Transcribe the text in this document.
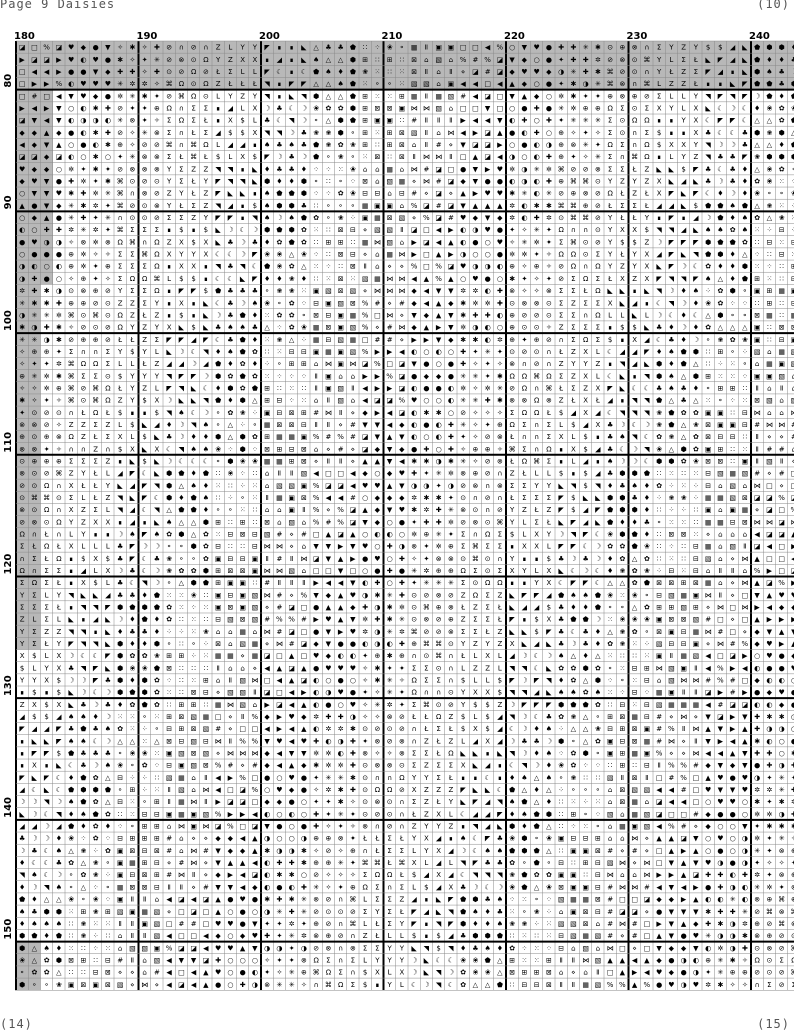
Page 9 Daisies	(10)
◪ □ % ◪ ♥ ◆ ● ▼ ✧ ✱ ✧ ✚ ⊘ ∩ ⊘ ∩ Z L Y Y ◤ ∎ ∎ ◣ △ ♣ ♣ ⬟ ∷ ⁘ ❀ ⚬ ▦ Ⅱ ▣ ▣ □ □ ◀ % ○ ▼ ♥ ● ✚ ✚ ✳ ✱ ⊙ ⊕ ⊗ ∩ Ʃ Y Z Y $ $ ◢ ◣ ⬟ ⬢ ⬢ ♦
▶ ◪ ◪ ▶ ♥ ◐ ♥ ● ✱ ✧ ✦ ✳ ⊘ ⊗ ⊙ Ω Y Z X X ∎ ◢ ∎ ◣ ♠ △ △ ⬢ ⊞ ∷ ⊞ ∷ ⊠ ⌂ ▧ ⌂ % # % ◪ ▼ ◆ ○ ● ✦ ✚ ✚ ✲ ⊘ ⊗ ⊙ ⌘ Y L Ʃ Ł ◣ ◤ ◢ ◣ ⬟ ♦ ♦ ♣
□ ◀ ◀ ▶ ● ● ▼ ◆ ✚ ✚ ✧ ✚ ⊙ ⊘ Ω ⊘ Ł Ʃ L L ◤ ☾ ∎ ☾ ⬟ ♠ ♦ ⬟ ❀ ⁙ ∷ ⁙ ⊠ Ⅱ ⌂ Ⅱ ⋄ ◪ # ◪ ◆ ♥ ♥ ◆ ◑ ✳ ✚ ✱ ⌘ ⊘ ⊙ ∩ Y Ł Z Ʃ ◤ ◢ ∎ ◣ ⬢ ♠ ♣ ☽
□ ▶ ▶ % ◐ ♥ ♥ ♥ ✳ ✲ ✲ ✧ ⌘ Ω ⊙ Ω Z Ł Ł Ł ◥ ∎ ◤ ◤ △ △ ♠ ⬟ ⁙ ⚬ ⚬ ⁙ ▧ ▧ ⌂ ▣ ◀ ◀ □ ◀ ▲ ◆ ○ ● ✦ ✱ ◑ ✳ ⌘ ⊗ ∩ ⌘ L Z Z Ł ∎ ∎ ◣ ◤ ⬟ ⬟ ♣ ⬢
□ # □ ◀ ▼ ♥ ◆ ● ✲ ✳ ✱ ✦ ⊘ ⌘ Ω ⊙ L Y Z Y ◥ ∎ ◣ ◥ ⬢ △ △ ⬟ ⊞ ⁙ ⁙ ⊞ ▦ Ⅱ ▦ ▧ # ◀ ◪ □ ▼ ▲ ◆ ○ ✲ ✱ ✦ ✦ ⊕ ⊗ ⊕ ⊘ Ʃ L L Y ◥ ◤ ◥ ◤ ☽ ⬟ ♦ ⬟
▶ ◀ ▶ ▼ ○ ◐ ✱ ✚ ⊘ ✦ ✦ ⊕ Ω ∩ Σ Ʃ ∎ ◢ L X ☽ ♣ ☾ ☽ ❀ ✿ ✿ ⬢ ⊞ ⊠ ⊠ ▣ ⋈ ⋈ ▧ ⌂ □ □ ▼ □ ○ ● ✚ ● ✳ ✲ ⊕ ⊕ Ω Ʃ ⊙ Ʃ X Y L X ◣ ☾ ☽ ☾ ♦ ❀ ✿ ❀
◪ ▼ ◀ ▼ ◐ ◑ ◑ ◐ ✳ ⊗ ✦ ✧ Ʃ Ω Σ Ł ∎ X $ L ♣ ☾ ◥ ☽ ⚬ △ ⬢ ⬟ ⊞ ▣ ▣ ∷ # Ⅱ Ⅱ Ⅱ ▶ ◀ ◀ ▼ ◐ ✚ ○ ✚ ✦ ✳ ✳ ✳ Σ ⊙ Ω Ω ∎ ∎ Y X ☾ ◤ ◤ ☾ △ △ ✿ ⬟
◆ ◆ ▲ ◆ ● ◐ ✱ ✚ ⊘ ✧ ✳ ⊗ Ʃ ∩ Ł Ʃ ◢ $ $ X ◥ ◥ ☽ ♣ ❀ ❀ ⬢ ⚬ ⊞ ⁙ ⊞ ⊠ ▧ Ⅱ ⌂ ⋈ ◀ ▶ ◪ ▲ ● ◐ ✚ ○ ⊕ ✧ ✦ ✧ Σ ⊙ ∩ Σ $ ∎ ∎ X ♣ ☾ ☾ ♣ ⬢ ❀ ⬢ △
◀ ◆ ▼ ▲ ○ ● ◐ ✱ ⊕ ✧ ⊘ ⊘ ⌘ ∩ ⌘ Ω L ◢ ◢ ∎ ♠ ♣ ♠ ♣ ⬟ ❀ ✿ ❀ ⊞ ∷ ⊞ ⊠ ⌂ Ⅱ # ⋄ ▼ ◪ ◪ ▶ ○ ● ◐ ◑ ⊕ ⊗ ✳ ✦ Ω Σ ∩ Ω $ X X Y ◥ ☽ ☽ ♣ △ △ ♦ ⬟
◪ ◪ ◆ ◪ ◐ ○ ✱ ○ ✦ ✳ ⊗ ⊗ Σ Ł ⌘ Ł $ L X $ ◤ ☽ ♣ ☽ ⬟ ⚬ ❀ ⚬ ⁙ ⊠ ∷ ⊠ Ⅱ ⋈ ⋈ Ⅱ □ ▲ ◪ ◀ ◑ ○ ◐ ✚ ⊕ ✦ ✧ ✳ Σ ∩ ⌘ Ω ∎ L Y Z ◥ ♣ ♣ ◤ ❀ ⬢ ⬢ ⬢
♥ ◆ ◆ ○ ✲ ✦ ✱ ✦ ⊘ ⊗ ⊗ ⊗ Y Σ Z Z ◥ ◥ ∎ ◣ ♦ ♣ ♣ ♦ ⁘ ⁘ ⁙ ❀ ⌂ ⌂ ▦ ⌂ ⋈ # ◪ □ ● ▼ ▶ ♥ ✲ ◑ ✳ ✲ ⌘ ⊘ ⊘ ⊗ Σ Σ Ł Z ◣ ◣ $ ◤ ♣ ☾ ♣ ♦ △ ❀ ✿ ⚬
◆ ♥ ▼ ● ✚ ✲ ✦ ✱ ⌘ ⊙ ⊘ ⊙ Y Σ Ł Y ◤ ◥ ◥ ◣ ⬢ ♦ ♦ ⬢ ⚬ ∷ ⚬ ⁘ ⊠ ⌂ ▧ ▦ ⋄ ⋈ # ◪ ◆ ▼ ● ● ◐ ◑ ◐ ✚ ⊕ ⌘ ⌘ ⊙ Y Z Y Z X ◣ ◢ ◣ ♣ ☽ ♣ ♦ ✿ ❀ ⁙
○ ▼ ▼ ♥ ✱ ✚ ✲ ✳ ⌘ ∩ ⊗ ⊘ Z Y Ł Z ◤ ◣ ◣ ∎ ♠ ⬟ ⬟ ⬢ ⁘ ⁘ ✿ ❀ ⊟ ⊟ ⌂ ⊟ # ⋄ ◪ ⋄ ▲ ▶ ♥ ♥ ✱ ✳ ◐ ✳ ⊘ ⊕ ⊗ ⊘ Ω Ł Z Ł X ◤ ◣ ◤ ☾ ♦ ☽ ♦ ❀ ⚬ ⚬ ❀
▲ ● ▼ ◆ ✳ ✱ ✲ ✦ ⌘ ⊘ ⊙ ⊗ Y Ł Ʃ Z ◥ ◢ ∎ $ ♠ ⬢ ⬢ ♣ ∷ ⚬ ⚬ ⚬ ▦ ▣ ▣ ⌂ % ◪ # ◪ ▼ ▲ ▲ ▲ ✲ ◐ ✱ ✱ ⌘ ⌘ ⊕ ⊘ Ł Σ Σ Ł ◢ ◢ ◣ $ ⬟ ⬟ ♠ ⬟ △ ❀ ⁙
○ ◆ ▲ ● ✳ ✚ ✦ ✳ ∩ ⊙ ⊙ ⊘ Ʃ Ʃ Z Y ◤ ◤ ∎ ◥ ♠ ☽ ♠ ⬟ ✿ ⚬ ❀ ⁘ ▣ ▦ ⊠ ▧ ⋄ % ◪ # ♥ ◆ ▼ ◆ ✲ ◐ ✚ ✲ ⊙ ⌘ ⌘ ⊘ Y Ł Ł Y ∎ ◤ ∎ ◢ ☽ ⬟ ♦ ♠ ✿ △ ❀
◐ ○ ✚ ✚ ✲ ✳ ✲ ✦ ⌘ Ʃ Ʃ Σ ∎ $ ∎ $ ◣ ☽ ☾ ☽ ⬢ ⬟ ⬢ ✿ ⁙ ∷ ⊠ ⊟ ⋄ ▧ ▧ Ⅱ ◪ □ ◀ ▶ ◐ ◑ ♥ ● ✦ ✧ ✳ ✦ Ω ∩ ∩ ⊙ Y X X $ ◥ ◥ ◢ ◣ ♠ ♠ ✿ ♠ ⁙ ⁘ ⊟
● ♥ ◑ ◑ ✧ ⊗ ✲ ⊗ Ω ⌘ ∩ Ω Z X $ X ◣ ♣ ☽ ♣ ♦ ✿ ⬟ ✿ ∷ ⊞ ⊞ ∷ ▦ ⋈ ▧ ⌂ ▶ ◪ ◀ ▲ ◐ ● ○ ♥ ✧ ✳ ✲ ✦ Σ ⌘ ⊙ ⊘ Y $ $ Z ☽ ◤ ◤ ◤ ⬢ ⬟ ⬟ ✿ ∷ ⊟ ⁙ ⊟
○ ● ● ● ⊕ ✲ ✧ ✧ Ʃ Ʃ ⌘ Ω X Y Y X ☾ ☾ ☽ ◤ ❀ ❀ △ ❀ ⁘ ∷ ⊠ ⊟ ⋄ ⌂ ▦ ⋈ ▶ □ ▲ ▶ ◑ ○ ○ ● ✲ ✲ ✦ ✧ Ω Ω ⊙ Σ Y Ł Y X ◢ ◤ ◣ ◥ ⬟ ⬢ ♦ △ ⁘ ∷ ⊟
◑ ◐ ○ ◐ ⊕ ✲ ✦ ⊕ Σ Ʃ Ʃ Ω ∎ X X ∎ ◥ ♣ ◥ ☾ ⬟ ❀ ✿ △ ⁙ ⁘ ∷ ⊠ Ⅱ ⌂ ⋄ ⋄ % □ % ◪ ♥ ◑ ◑ ◐ ⊕ ✧ ⊕ ✧ ⊘ Ω ∩ Ω Y Z Y X ◣ ◤ ☽ ☾ ✿ ♦ ♦ ⬢ ⁙ ⁘ ∷ ⊞
◑ ✚ ● ○ ✧ ⊕ ✦ ✧ Σ Ω Ω ⌘ L $ $ ∎ ☾ ☾ ◣ ◤ ♦ ♦ ❀ ♦ ∷ ⁙ ⊠ ⁙ ▧ ▦ ⋈ ⋈ ◀ ▲ % ▲ ○ ♥ ● ○ ✱ ✦ ✧ ✦ ⊘ Σ Ω Σ Ł X Z X ◤ ◥ ◥ ◤ ♠ △ ♦ ⬟ ⊞ ⁙ ∷ ⊟
✲ ✚ ✱ ◑ ⊙ ⊗ ⊕ ⊘ Y Ʃ Σ Ω ∎ ◤ ◤ $ ⬟ ♣ ♣ ♣ ⚬ ❀ ❀ ⁙ ▣ ▧ ⊠ ▧ ⋄ ⋈ ⋈ ⋈ ◆ ◀ ▼ ▼ ✲ ✲ ◐ ✚ ⊗ ✧ ✧ ⊗ Ʃ Ʃ Ł Ω ◣ ◣ ∎ ◣ ◥ ☽ ♦ ♠ ⁘ ✿ ⬢ ⚬ ▣ ⊞ ▦ ▣
✳ ✱ ✱ ✚ ⊕ ⊕ ⊘ ⊙ Z Z Σ Y ∎ X ∎ ◣ ☾ ♣ ☽ ♠ ❀ ⚬ ✿ ⁘ ⊟ ▣ ▧ ⊠ % # ⋄ # ◆ ◀ ▲ ◆ ✱ ✲ ✲ ✚ ⊙ ⊗ ⊗ ⊙ Σ Z Σ Ʃ X ◣ ◢ ∎ ☾ ◥ ☽ ♦ ❀ ✿ ⁘ ⁘ ∷ ⊞ ∷ ⊟
◑ ✳ ✳ ✲ ⌘ ⊙ ⌘ ⊙ Ω Z Ł Z ∎ $ ∎ ◣ ☽ ♣ ⬟ ♦ ⁙ ✿ ✿ ⚬ ⊠ ⊟ ▣ ▦ % □ ⋈ ⋄ ▼ ◆ ▲ ▼ ✱ ✚ ✚ ◐ ⊕ ⊘ ⊘ ⊙ Ʃ Ʃ ∩ Ω L L ◣ L ☽ ☾ ♦ ☾ △ ⬢ ⚬ ⚬ ⊠ ▦ ∷ ▦
✱ ◑ ✚ ✱ ✧ ⊘ ⊙ ⊘ Ω Y Z Y X ◣ $ ◣ ♣ ♠ ♠ ♣ △ ⁘ ✿ ❀ ▦ ⊠ ▣ ▧ % ⋄ # ⋈ ◆ ▲ ▶ ▼ ✲ ◑ ◐ ○ ⊕ ⊙ ⊙ ✧ Z Σ Σ Σ ∎ $ $ ◣ ♣ ♦ ☽ ♦ ✿ △ △ △ ▣ ∷ ⊠ ⊠
✳ ✳ ◑ ✱ ⊘ ⊕ ⊕ ⊘ Ł Ł Z Σ ◤ ◤ ◢ ◤ ☾ ♣ ⬟ ♦ ⁙ ❀ △ ⁘ ▦ ⊟ ▧ ▦ □ # # ⋄ ▶ ▶ ▼ ◆ ✱ ✱ ◐ ✲ ⊕ ✦ ⊕ ⊘ ∩ Σ Ω Ʃ $ ∎ X ◢ ☾ ♣ ♦ ☽ ⚬ ❀ ✿ ❀ ▣ ∷ ⊟ ▣
✧ ⊕ ⊕ ✦ Σ ∩ ∩ Σ Y $ Y L ◣ ☽ ☾ ◥ ♦ ♠ ⬟ ✿ ∷ ⁙ ⊟ ⊟ ▣ ▦ ▣ ▧ % ▶ ▶ ◀ ◐ ○ ◐ ○ ✚ ✦ ✳ ✦ ⊙ ⊘ ⊙ ∩ Ł Z X L ☾ ◢ ◢ ◤ ♦ ♠ ⬟ ⬢ ∷ ⊞ ⚬ ⁘ ▧ ⌂ ▦ ▧
✧ ✦ ✦ ✲ ⌘ Ω Ω Σ L L Ł Z ◢ ◢ ☽ ◢ ⬟ ♦ ✿ ♦ ⁘ ⚬ ⊞ ⊞ ⌂ ⋈ ▣ ⋈ ◪ % □ ◪ ▼ ● ○ ● ✚ ✧ ✦ ✧ ⊗ ∩ ⊘ ∩ Z Y Y Z ∎ ◥ ◢ ◣ ⬢ ♦ ⬟ △ ∷ ⁘ ⁙ ⚬ ⌂ ▦ ▣ ▧
⊕ ✳ ✲ ✱ ⌘ Σ Σ ⊙ $ Y Y Y ◥ ◤ ◤ ☽ ⬢ ✿ ⬟ ✿ ⁙ ⁘ ⁘ ⁘ Ⅱ ▣ ⌂ ⌂ ▶ ▶ % ◪ ● ◆ ◆ ● ✳ ✳ ✦ ✱ Ω Ω ⌘ Ω Ʃ Z X L ☾ ◣ ∎ ◥ ⬢ ♠ △ ⬢ ⊞ ⁙ ⁙ ⁘ ▣ ▣ ▧ ⌂
✧ ✧ ✲ ⊕ ⌘ ⊘ ⌘ Ω Ł Y Z L ◤ ◥ ◣ ☾ ♦ ⬢ ✿ ⬟ ⊞ ∷ ⁙ ∷ Ⅱ ▣ ▧ Ⅱ ◀ ▶ ▶ ◪ ◐ ● ● ◐ ✲ ✧ ✲ ✳ ⊘ Ω ∩ ⌘ Ł Ʃ Z X ◤ ◣ ☾ ☾ ♣ ♠ ♣ ♦ ⚬ ⊞ ⊞ ∷ Ⅱ ⌂ Ⅱ ⌂
✱ ✧ ✦ ✧ ⌘ ⊙ ⌘ Ω Z Y $ X ☽ ◣ ◣ ◥ ⬟ ♦ ⬢ △ ⊞ ⊟ ⁘ ⁙ ⌂ Ⅱ ▧ ⌂ ◀ ◪ ◪ % ♥ ○ ○ ◐ ✳ ✳ ✚ ✱ ⊗ ⊗ Ω ⊗ Z Ł X Ł ◢ ∎ ◥ ◥ ⬟ △ ♣ △ ⁙ ⚬ ⁘ ⁙ ⊠ ▧ ⌂ ▧
✦ ⊙ ⊘ ⊙ ∩ Ł Ω Ł $ ∎ ∎ $ ◥ ♠ ☾ ☽ ⚬ ✿ ❀ ⁘ ▣ ⊟ ⊠ ⊞ # ⋈ Ⅱ ⋄ ◆ ▶ ◀ ◪ ◐ ✱ ✱ ○ ⊘ ✧ ✧ ✧ Σ Ω Ω Ł $ ◢ X ◢ ☾ ◥ ◥ ◥ ❀ ⬟ ✿ ✿ ▣ ▣ ∷ ⊟ ⋈ ⌂ ⌂ ⋈
⊗ ⊗ ⊘ ✧ Z Z Ʃ Z L $ ◣ ◢ ♦ ☽ ◥ ♠ ⚬ △ ⁘ ⚬ ▦ ⊠ ⊠ ⊟ Ⅱ Ⅱ ⋄ # ▼ ▼ ◀ ◆ ◐ ● ◐ ✚ ✳ ✧ ✦ ⊕ Ω Σ ∩ Ʃ L $ ◢ X ♣ ☽ ☾ ☽ ❀ ⬟ △ ❀ ⊠ ▣ ▣ ⊟ # ⋈ ⋈
⊕ ⊙ ⊕ ⊗ Ω Z Ł Ʃ X L $ ◣ ♣ ☽ ♦ ♦ ⬢ △ ⬢ ✿ ⊞ ▦ ▦ ▣ % # % # ◪ ▼ ▲ ▼ ◐ ○ ◐ ✚ ✦ ✧ ⊘ ⊗ Ł ∩ ∩ Σ X L $ ∎ ♣ ♠ ◥ ☾ ✿ ❀ △ ✿ ⊠ ⊟ ⊟ ∷ Ⅱ ⋄ ⋄
⊗ ⊗ ✦ ✧ ∩ ∩ Z ∩ $ X ◣ X ☾ ◥ ♠ ♠ ❀ ⁘ ⬢ ⁘ ⊠ ⊞ ⊟ ⊠ ⌂ ⋄ # ⋄ ◪ ◆ ▼ ◆ ● ✚ ○ ✚ ✧ ⊕ ⊕ ✧ ⌘ Ʃ ∩ Ω ∎ X $ ◢ ♣ ☾ ☽ ◥ ❀ △ ⬢ ✿ ▣ ⊞ ∷ ⁙ Ⅱ # # ⌂
⊙ ⊕ ⊕ ⊕ Ʃ Σ Σ Z ∎ ◣ $ ◣ ☽ ☾ ☾ ☾ ⚬ ⬢ ❀ ❀ ▦ ▦ ⊞ ⊠ ⋄ Ⅱ Ⅱ ⋄ ▲ ▲ ▼ ◀ ✱ ✱ ◑ ✱ ✳ ✧ ⊘ ⊗ Ł Ω ⌘ Ʃ ∎ L ◢ ∎ ♠ ☽ ☽ ☾ ⬢ ⬢ ✿ ❀ ⊠ ⊠ ∷ ▣ Ⅱ ▧ Ⅱ ⋄
⊗ ⊙ ⊘ ⌘ Z Y Ł L ◢ ◤ ☾ ◣ ⬢ ⬟ ♦ ⬟ ∷ ❀ ⁘ ∷ ⌂ Ⅱ Ⅱ ▧ ◀ □ □ ◀ ◆ ○ ◆ ♥ ✚ ✦ ✳ ✲ ⊗ ⊕ ⊘ ∩ Z Ł L L $ ∎ $ ◢ ♣ ⬢ ⬢ ⬟ ∷ ⁙ ∷ ⁙ ⊟ ▧ ▦ ▧ # ⋄ # □
⊘ ⊙ Ω ∩ X Ł Ł Y ◣ ◢ ◤ ◥ ⬢ △ ♠ ♦ ⁙ ∷ ⁘ ⁙ ⌂ ▧ ▧ ▣ % ◪ ◪ ◀ ♥ ♥ ▲ ▼ ◑ ◑ ✦ ◑ ⊘ ⊗ ∩ ⊗ Ʃ Σ Y Y ◣ ◥ $ ◥ ♦ ♣ ♠ ♦ ✿ ⁘ ⁙ ⁘ ⊟ ⌂ ▧ ⌂ ⋈ □ ⋄ □
⊙ ⌘ ⌘ ⊙ Ʃ L Ł Z ◥ ◣ ◤ ☾ ⬢ ♦ ⬟ ♠ ∷ ⁘ ⚬ ⁙ Ⅱ ▦ ▣ ⊠ % ◀ ◀ # ○ ◆ ◆ ◆ ✲ ✱ ✱ ✦ ⊙ ∩ ⊘ ∩ Ł Ʃ Ʃ Ʃ ◤ $ ◣ ◣ ⬢ ⬢ ♣ ♦ ⁘ ❀ ❀ ⁘ ▦ ▦ ▧ ⊠ ◪ ◪ % ◪
⊗ ⊙ Ω ∩ X Z Ʃ L ◥ ◢ ☾ ◥ △ ⬟ ⬟ ♦ ⚬ ⚬ ⁙ ∷ ⌂ ⌂ ▣ Ⅱ % ⋄ % ◪ ▲ ◆ ▼ ♥ ✱ ✲ ✚ ✳ ⊗ ⊙ ∩ ⊘ Y Z Ł Z ◤ $ ◢ ◤ ⬟ ⬢ ⬢ ♦ ∷ ⁘ ⁘ ∷ ▣ ⌂ ▣ ▦ ⋄ ◪ □
⊘ ⊗ ⊙ Ω Y Z X X ∎ ◢ ∎ ◣ ♠ △ △ ⬢ ⊞ ∷ ⊞ ∷ ⊠ ⌂ ▧ ⌂ % # % ◪ ▼ ◆ ○ ● ✦ ✚ ✚ ✲ ⊘ ⊗ ⊙ ⌘ Y L Ʃ Ł ◣ ◤ ◢ ◣ ⬟ ♦ ♦ ♣ ⚬ ⁙ ⁙ ∷ ▦ ▦ ⊟ ⊠ ⋈ ⋈ ◪ ⋈
Ω ∩ Ł ∩ L Y ∎ ∎ ☽ ♠ ◤ ♠ ✿ ⬢ △ ✿ ⁙ ⊟ ⊠ ⊟ ▧ # ⋄ # □ ▲ ◪ ▲ ○ ◐ ◐ ○ ✲ ⊕ ✳ ✦ Σ ∩ Ω Ʃ $ L X Y ☽ ◥ ◤ ☾ ❀ ⬢ ⬟ ♦ ∷ ⊠ ⊠ ⁙ ⋄ ⌂ ⌂ ⌂ ◀ ◪ ◪ ▲
Σ Ł Ω Ł X L L L ♣ ◤ ☽ ☽ ⚬ ⚬ ⬢ ✿ ⊟ ∷ ∷ ⊟ ⋈ ⋈ ⋄ ⌂ ▼ ▼ ▶ ▼ ♥ ○ ✚ ◑ ⊗ ✦ ✲ ⊕ Σ ⌘ Ʃ Σ ∎ X X L ◤ ◤ ☾ ☽ ✿ ✿ ⬟ ❀ ∷ ⁘ ∷ ⊟ ▦ ⌂ ▧ Ⅱ ◪ ◀ □ ▶
∩ Σ Ł Ω ∎ $ X $ ♣ ◤ ☾ ♣ ❀ ⚬ ⚬ ✿ ▣ ⊟ ⊟ ▣ Ⅱ # Ⅱ ⋈ ◪ ▼ ▲ ▶ ● ♥ ○ ✚ ✧ ✦ ⊗ ⊗ ⊙ ⌘ ⊙ ∩ Y ∎ ∎ $ ♣ ☽ ♣ ☽ ♦ ✿ △ ✿ ∷ ⁙ ∷ ⊟ ▧ ⌂ ⋄ ⋈ ▲ □ □ ◀
Ω ∩ Σ Ʃ ∎ ◢ L X ☽ ♣ ☾ ☽ ❀ ✿ ✿ ⬢ ⊞ ⊠ ⊠ ▣ ⋈ ⋈ ▧ ⌂ □ □ ▼ □ ○ ● ✚ ● ✳ ✲ ⊕ ⊕ Ω Ʃ ⊙ Ʃ X Y L X ◣ ☾ ☽ ☾ ♦ ❀ ✿ ❀ ⁘ ⊟ ⁙ ⊟ ⌂ Ⅱ Ⅱ ⌂ % ▶ □ ◪
Ʃ Ω Σ Ł ∎ X $ L ♣ ☾ ◥ ☽ ⚬ △ ⬢ ⬟ ⊞ ▣ ▣ ∷ # Ⅱ Ⅱ Ⅱ ▶ ◀ ◀ ▼ ◐ ✚ ○ ✚ ✦ ✳ ✳ ✳ Σ ⊙ Ω Ω ∎ ∎ Y X ☾ ◤ ◤ ☾ △ △ ✿ ⬟ ⊠ ⊠ ⊞ ⊠ ▦ ⌂ ⋄ ⋈ ▲ ◪ % ▶
Y Ʃ L Y ◥ ◣ ◣ ◢ ♣ ♣ ♦ ⬟ ⁙ ⁙ ❀ ∷ ▣ ⊟ ▣ ▧ ⋈ # ⋄ % ▼ ◆ ▲ ♥ ◑ ✱ ✳ ✚ ⊙ ⊘ ⊗ ⊘ Z Ω Ʃ Z ◣ ◤ ◤ ◢ ⬟ ♠ ♠ ⬟ ❀ ⁙ ❀ ⚬ ⊟ ▧ ▦ ▣ ⋈ Ⅱ ⋄ □ ▼ ▲ ♥ ♥
Σ Ʃ Σ Ł ∎ ◥ ◥ ◤ ⬢ ⬟ ⬢ ⬟ ✿ ⁙ ⁘ ⁙ ▣ ⊠ ▣ ▧ ⋄ # ◪ □ ● ▲ ▲ ◆ ✚ ◑ ✱ ✲ ⊙ ⌘ ⊕ ⊗ Ł Z Ʃ Ł ◣ ◢ ◢ $ ♣ ♦ ♦ ⬟ ⚬ ⚬ △ ✿ ⊞ ⊞ ▧ ⊞ ⋄ ⋈ □ ⋈ ▶ ◀ ◆ ◆
Z L Σ L ◣ ∎ ◢ ◣ ☽ ♦ ⬟ ♦ ✿ ∷ ⁙ ∷ ⊟ ▧ ⊠ ▧ # % % # ▶ ♥ ▲ ▼ ✲ ✚ ✱ ✳ ⊙ ⊗ ⊘ ⊕ Z Ʃ Σ Ł ◤ ∎ $ X ♣ ⬟ ⬟ ☽ ⁙ ❀ ❀ ❀ ▣ ⊠ ⊠ ▧ # □ ⋄ □ ▲ ▶ ▶ ▶
Y Σ Z Z ◥ ◥ ∎ ◣ ♦ ♣ ♣ ♦ ⁘ ⁘ ⁙ ❀ ⌂ ⌂ ▦ ⌂ ⋈ # ◪ □ ● ▼ ▶ ♥ ✲ ◑ ✳ ✲ ⌘ ⊘ ⊘ ⊗ Σ Σ Ł Z ◣ ◣ $ ◤ ♣ ☾ ♣ ♦ △ ❀ ✿ ⚬ ⊠ ▣ ⊟ ▦ ⋈ # □ ⋄ ◆ ▼ ▲ ▼
Y Σ Ł Y ◤ ◥ ◥ ◣ ⬢ ♦ ♦ ⬢ ⚬ ∷ ⚬ ⁘ ⊠ ⌂ ▧ ▦ ⋄ ⋈ # ◪ ◆ ▼ ● ● ◐ ◑ ◐ ✚ ⊕ ⌘ ⌘ ⊙ Y Z Y Z X ◣ ◢ ◣ ♣ ☽ ♣ ♦ ✿ ❀ ⁙ ⁘ ▧ ⊟ ⊟ ▣ ⋄ ⋈ # % ◆ ♥ ▶ ▲
X $ L X ☽ ☾ ☾ ◤ ⬢ ✿ ✿ ❀ ⊞ ⊞ ⁘ ⁙ ▦ ▦ ⋄ ▦ ◪ □ ▲ □ ♥ ◆ ◐ ◐ ✦ ⊕ ✱ ⊕ ∩ ⊙ ⌘ ∩ Ł L X L ◢ ☽ ☾ ☽ ♠ △ ♦ △ ⁙ ∷ ∷ ⁙ ▣ Ⅱ ▦ ▧ ◀ □ ◪ ▶ ○ ♥ ● ◆
$ L Y X ♣ ◥ ◤ ◣ ⬢ ❀ ❀ ⬟ ⊠ ∷ ∷ ∷ Ⅱ ⌂ ⌂ ⋄ ◀ ▲ ◪ ▲ ● ♥ ♥ ♥ ✧ ✱ ✦ ✦ Σ Σ ⊙ ∩ L Z Z L ◥ ◥ ☾ ◣ ✿ ✿ ⬢ ✿ ⚬ ⁙ ⊟ ⊞ ⋈ ▧ ▣ Ⅱ ◀ % ▶ ◀ ◐ ● ● ♥
Y Y X $ ☽ ☽ ◤ ♣ ⬢ ♦ ⬢ ✿ ⁘ ∷ ⁙ ⊞ ⌂ Ⅱ ▧ ⋈ □ ◀ ▲ ◪ ◐ ○ ● ○ ✧ ✱ ✳ ✧ Ω Σ Σ ∩ $ L L $ ◤ ☽ ◤ ◥ ♦ ✿ △ ⬢ ⁘ ⚬ ⁙ ⊟ ⌂ ▧ ⋈ ⋈ # % # □ ◆ ◐ ◐ ○
∎ $ ∎ $ ◣ ☽ ☾ ☽ ⬢ ⬟ ⬢ ✿ ⁙ ∷ ⊠ ⊟ ⋄ ▧ ▧ Ⅱ ◪ □ ◀ ▶ ◐ ◑ ♥ ● ✦ ✧ ✳ ✦ Ω ∩ ∩ ⊙ Y X X $ ◥ ◥ ◢ ◣ ♠ ♠ ✿ ♠ ⁙ ⁘ ⊟ ⁘ ▦ ▣ Ⅱ Ⅱ ◪ ▶ # ▶ ● ◆ ♥ ●
Z X $ X ◣ ♣ ☽ ♣ ♦ ✿ ⬟ ✿ ∷ ⊞ ⊞ ∷ ▦ ⋈ ▧ ⌂ ▶ ◪ ◀ ▲ ◐ ● ○ ♥ ✧ ✳ ✲ ✦ Σ ⌘ ⊙ ⊘ Y $ $ Z ☽ ◤ ◤ ◤ ⬢ ⬟ ⬟ ✿ ∷ ⊟ ⁙ ⊟ ▧ ▦ ▦ ▦ ◀ # ◪ ◪ ◐ ◐ ◆ ●
◢ $ $ ◢ ♠ ♠ ♦ ☽ ⁙ ⁙ ⚬ ⁙ ⊞ ⊠ ▧ ▦ □ ⋄ Ⅱ % ◆ ▶ ♥ ◆ ✲ ✚ ✚ ◑ ✧ ✧ ⊗ ⊘ Ł Ł Ω Z $ L $ ◢ ◥ ☽ ☾ ♣ ✿ ❀ △ ⚬ ⊞ ⊠ ▦ ⊟ # ⋄ ⋈ ⋄ ▼ ◪ ▶ ▼ ✚ ✱ ✱ ◑
◤ ◢ ◢ ◤ ♣ ⬟ ♣ ♠ ✿ ⁙ ⁘ ⚬ ⊟ ⊞ ⊠ ▧ # ⋄ □ □ ◀ ▶ ◀ ▲ ◐ ✲ ✲ ✱ ⊙ ⊘ ⊙ ⊘ ∩ Ł Ʃ Ł $ X $ ◢ ☾ ☽ ♦ ♠ ⁘ △ △ ❀ ⊟ ⊞ ⊠ ▣ # % Ⅱ ⋈ ▲ ▼ ▶ ▲ ✚ ◑ ◑ ○
∎ ◣ ◣ ◤ ♠ ♠ ☾ ☽ △ △ ⁙ △ ⊠ ⊟ ▧ ⊟ ⋈ Ⅱ % % ▼ ♥ ◀ ♥ ✚ ◐ ◑ ✚ ✦ ⊗ ⊘ ⊗ ∩ Z Ł Z L ◢ X ◢ ☽ ♣ ♣ ☽ ⬢ ⚬ △ ✿ ▣ ⊟ ⊠ ▦ # ⋈ ⋄ Ⅱ ▼ ▶ ◀ ▲ ✱ ◐ ○ ●
∎ ◤ ◤ $ ⬟ ♣ ♣ ♣ ⚬ ❀ ❀ ⁙ ▣ ▧ ⊠ ▧ ⋄ ⋈ ⋈ ⋈ ◆ ◀ ▼ ▼ ✲ ✲ ◐ ✚ ⊗ ✧ ✧ ⊗ Ʃ Ʃ Ł Ω ◣ ◣ ∎ ◣ ◥ ☽ ♦ ♠ ⁘ ✿ ⬢ ⚬ ▣ ⊞ ▦ ▣ % ⋄ ⋄ ⋈ ◀ ◀ ▲ ▼ ✚ ✚ ○ ✱
∎ X ∎ ◣ ☾ ♣ ☽ ♠ ❀ ⚬ ✿ ⁘ ⊟ ▣ ▧ ⊠ % # ⋄ # ◆ ◀ ▲ ◆ ✱ ✲ ✲ ✚ ⊙ ⊗ ⊗ ⊙ Σ Z Σ Ʃ X ◣ ◢ ∎ ☾ ◥ ☽ ♦ ❀ ✿ ⁘ ⁘ ∷ ⊞ ∷ ⊟ Ⅱ % % # ◆ ▼ ◆ ▼ ● ✚ ◑ ✚
◤ ◣ ◤ ☾ ♦ ⬟ ✿ △ ⊟ ⁘ ⁘ ∷ ▧ ▦ ⌂ Ⅱ ◀ ▶ % □ ● ○ ♥ ● ✦ ✳ ✳ ✱ ⊙ ∩ ∩ Ω Y Y Ʃ Ł ∎ ∎ ☾ ∎ ♦ ♠ △ ♠ ⚬ ❀ ∷ ∷ ▧ Ⅱ ⊠ Ⅱ □ # % □ ▲ ♥ ● ♥ ◑ ✦ ✳ ✦
◢ ☾ ◣ ☾ ⬟ ⬢ ⬢ ⬟ ⚬ ⊞ ⁘ ⁙ Ⅱ ▧ ⌂ ⋈ ◀ □ ◪ % ○ ♥ ◆ ● ✧ ✲ ✱ ✚ ⊙ Ω Ω ⊘ X Z Z Z ◤ ◣ ◣ ☾ ⬟ △ ♦ △ ⁘ ⚬ ⚬ ⚬ ⌂ ⊠ ▧ ▧ ◀ ◀ # □ ♥ ▼ ▼ ♥ ✲ ✲ ✳ ✚
☽ ☽ ◥ ☽ ♠ ⬟ ✿ △ ⊟ ⁙ ⚬ ⊞ Ⅱ ▦ ⋈ Ⅱ ▶ ◪ ◪ □ ◆ ◆ ● ○ ✦ ✦ ✱ ✧ ⊙ ⊗ ⊙ ∩ Ʃ Z Ł Y ◣ ◤ ◢ ◥ ♠ ⬟ △ ♦ ∷ ⁙ ⁘ ⁙ ⌂ ⊠ ▦ ⌂ ◪ ◀ ◀ □ ○ ♥ ♥ ○ ✱ ✦ ✱ ✲
◣ ☽ ☾ ◥ ♦ ♠ ⬟ ✿ ∷ ⁙ ⊟ ⊟ ▣ ▦ ▣ ▧ % ▶ ▶ ◀ ◐ ○ ◐ ○ ✚ ✦ ✳ ✦ ⊙ ⊘ ⊙ ∩ Ł Z X L ☾ ◢ ◢ ◤ ♦ ♠ ⬟ ⬢ ∷ ⊞ ⚬ ⁘ ▧ ⌂ ▦ ▧ ◪ □ □ # ◆ ● ● ○ ✲ ✲ ◑ ✚
◢ ◢ ☽ ◢ ⬟ ♦ ✿ ♦ ⁘ ⚬ ⊞ ⊞ ⌂ ⋈ ▣ ⋈ ◪ % □ ◪ ▼ ● ○ ● ✚ ✧ ✦ ✧ ⊗ ∩ ⊘ ∩ Z Y Y Z ∎ ◥ ◢ ◣ ⬢ ♦ ⬟ △ ∷ ⁘ ⁙ ⚬ ⌂ ▦ ▣ ▧ ◀ % # ⋄ ◆ ○ ○ ▼ ✦ ✱ ✱ ✱
♣ ☽ ☽ ♦ ❀ ⁘ ✿ ⁘ ⊟ ⊞ ⊞ ⊞ # ⌂ ⋄ ⋄ ◆ ◆ ◀ ▲ ◑ ○ ○ ◑ ⊕ ⊕ ⊗ ✦ Ł Ł Σ Ł Y X ◢ ∎ ♠ ☾ ◤ ♣ ❀ ⬢ ⚬ ❀ ▣ ⊟ ⊟ ⊞ ⌂ ⌂ ⋈ ⋄ ▲ ▲ ◪ ▼ ○ ♥ ○ ◑ ✲ ✦ ✳ ✧
☽ ♣ ☾ ♠ △ ❀ ⁘ ✿ ▣ ⊠ ⊟ ⊠ # ⌂ ⋈ # ▼ ◆ ◆ ▲ ✱ ◑ ◑ ✱ ✧ ⊘ ✧ ⊕ ∩ Ł Ʃ Σ L Y X ◢ ☽ ☾ ♠ ♠ ⬟ ⬢ ⬟ △ ∷ ▣ ▣ ⊠ # ⋄ # ⋄ □ ▲ ▶ ▲ ○ ● ○ ◑ ✳ ✦ ⊗ ⊕
♦ ☾ ☾ ♣ ✿ △ ❀ ⚬ ▣ ▦ ⊞ ⊟ ⋄ # ⋈ ⋄ ▼ ▲ ▲ ◀ ◐ ✚ ✚ ✱ ⊕ ⊕ ✳ ✦ ⌘ ⌘ Ł ⌘ X L ◢ L ◥ ◤ ♣ ♣ ✿ ⚬ ⬟ ⚬ ⊟ ∷ ⊞ ⊟ ▧ ⋈ ⋄ ⋈ □ ▼ ▲ ▼ ♥ ◑ ● ◑ ✦ ✧ ✧ ✦
◥ ♠ ☾ ☽ ⚬ ✿ ❀ ⁘ ▣ ⊟ ⊠ ⊞ # ⋈ Ⅱ ⋄ ◆ ▶ ◀ ◪ ◐ ✱ ✱ ○ ⊘ ✧ ✧ ✧ Σ Ω Ω Ł $ ◢ X ◢ ☾ ◥ ◥ ◥ ❀ ⬟ ✿ ✿ ▣ ▣ ∷ ⊟ ⋈ ⌂ ⌂ ⋈ ▶ ▶ ▲ ◪ ✚ ✚ ◐ ✚ ✲ ✦ ⊗ ⊕
♦ ☽ ◥ ♠ ⚬ △ ⁘ ⚬ ▦ ⊠ ⊠ ⊟ Ⅱ Ⅱ ⋄ # ▼ ▼ ◀ ◆ ◐ ● ◐ ✚ ✳ ✧ ✦ ⊕ Ω Σ ∩ Ʃ L $ ◢ X ♣ ☽ ☾ ☽ ❀ ⬟ △ ❀ ⊠ ▣ ▣ ⊟ # ⋈ ⋈ # ◀ ▼ ◀ ▶ ● ✚ ◑ ◐ ✳ ✲ ✦ ⊗
⬟ ♦ △ △ ❀ ⚬ ❀ ⁘ ▣ Ⅱ Ⅱ ⌂ ◀ ◪ ◀ ◪ ▲ ● ♥ ● ✱ ✚ ✱ ✳ ⊗ ⊘ ∩ ⌘ L Ʃ Ʃ Z ◢ ∎ ◣ ◤ ⬟ ⬢ ♣ ♠ ⁘ ⁙ ⚬ ⁘ ▧ ▦ ▦ ⊠ # □ □ ◪ ◆ ◆ ▶ ▲ ◐ ◐ ✳ ◐ ⊗ ⊕ ⌘ ⊕
♠ ♣ ⬢ ⬢ ⁙ ⊞ ❀ ⊞ ▧ ▣ ▦ ▧ ⋄ □ ◪ □ ▲ ○ ● ○ ◑ ✳ ✚ ✳ ⊘ ⊙ ⊙ ⊘ Σ Y Ʃ Ł ◤ ◢ ◣ ◥ ⬟ ♠ ♦ ♣ ⁙ ⚬ ❀ ⁘ ⌂ ▣ ⊠ ⊟ # ◪ ◪ ⋄ ● ▼ ▼ ▼ ✱ ✚ ✚ ✳ ⊘ ⌘ ⊗ ⌘
♦ ♠ ♠ ♠ ∷ ❀ ⁙ ⁙ Ⅱ Ⅱ ▣ ▧ □ # # □ ♥ ♥ ● ▼ ✦ ✦ ✲ ✦ ⊕ ⊘ ∩ ⌘ L Ł Σ Y ◤ ∎ ◥ ◤ ⬢ ♦ ♦ ♠ ❀ ❀ ⁘ ⁙ ▧ ▧ ⊠ ⌂ # ⋈ # □ ▶ ▼ ▲ ◆ ✚ ✱ ◑ ✲ ⊕ ⊘ ⌘ ⊗
⬢ ⬟ ♦ ⬟ ∷ ❀ ⁘ ∷ ⌂ Ⅱ Ⅱ ▧ ◀ □ □ ◀ ◆ ○ ◆ ♥ ✚ ✦ ✳ ✲ ⊗ ⊕ ⊘ ∩ Z Ł L L $ ∎ $ ◢ ♣ ⬢ ⬢ ⬟ ∷ ⁙ ∷ ⁙ ⊟ ▧ ▦ ▧ # ⋄ # □ ▲ ▼ ● ♥ ✳ ◑ ◑ ✱ ⊗ ⊕ ⊘ ⊙
⬢ △ ♠ ♦ ⁙ ∷ ⁘ ⁙ ⌂ ▧ ▧ ▣ % ◪ ◪ ◀ ♥ ♥ ▲ ▼ ◑ ◑ ✦ ◑ ⊘ ⊗ ∩ ⊗ Ʃ Σ Y Y ◣ ◥ $ ◥ ♦ ♣ ♠ ♦ ✿ ⁘ ⁙ ⁘ ⊟ ⌂ ▧ ⌂ ⋈ □ ⋄ □ ▼ ◆ ◆ ▼ ◐ ✲ ◑ ✚ ⊙ ⊗ ⊘ ⌘
❀ △ ✿ ⬢ ⊠ ⊞ ∷ ⊟ # Ⅱ ⌂ ▧ ◀ ▼ ▼ ◪ ✚ ○ ○ ○ ✧ ✦ ✦ ⊗ Ω Ʃ ∩ Ʃ L Y Y Y ☽ ◣ ☾ ☾ ❀ ❀ ⬟ △ ⊞ ⁙ ⁙ ⊞ Ⅱ Ⅱ ⋈ ▧ ▲ ▲ ◀ ▲ ◆ ● ◑ ◐ ⊕ ✳ ✱ ✧ Ω ⊙ Σ Ω
⚬ ✿ ✿ △ ∷ ∷ ⊟ ⊠ ⋄ ⋄ ⌂ # ◀ □ ◀ ▲ ♥ ○ ● ◐ ✦ ✧ ✳ ⊕ ⌘ Ω Ʃ ∩ $ X L X ☽ ◣ ◥ ☽ ✿ ❀ ❀ △ ⊠ ⊞ ⊞ ⊠ ⌂ ⋄ ⌂ Ⅱ □ ▲ ▶ ◀ ♥ ◆ ● ◑ ✦ ✳ ⊕ ⊕ ⊘ ⊙ ⊘ ⌘
⬢ ⚬ ⚬ ❀ ▣ ⊠ ▣ ⊠ ▧ ⋄ ⋈ ⋄ ◀ ◪ ◀ ▲ ● ○ ✚ ◑ ⊗ ✳ ✳ ✧ ∩ ⌘ Ω Σ $ ∎ Y L ☾ ☽ ◥ ☾ ✿ △ △ ⬟ ∷ ⊟ ⊟ ⊠ Ⅱ Ⅱ ▦ ▧ % % ▲ % ● ♥ ◑ ♥ ✲ ✱ ✧ ✧ ∩ Σ ⊘ Σ
180	190	200	210	220	230	240
80
90
100
110
120
130
140
150
(14)	(15)
